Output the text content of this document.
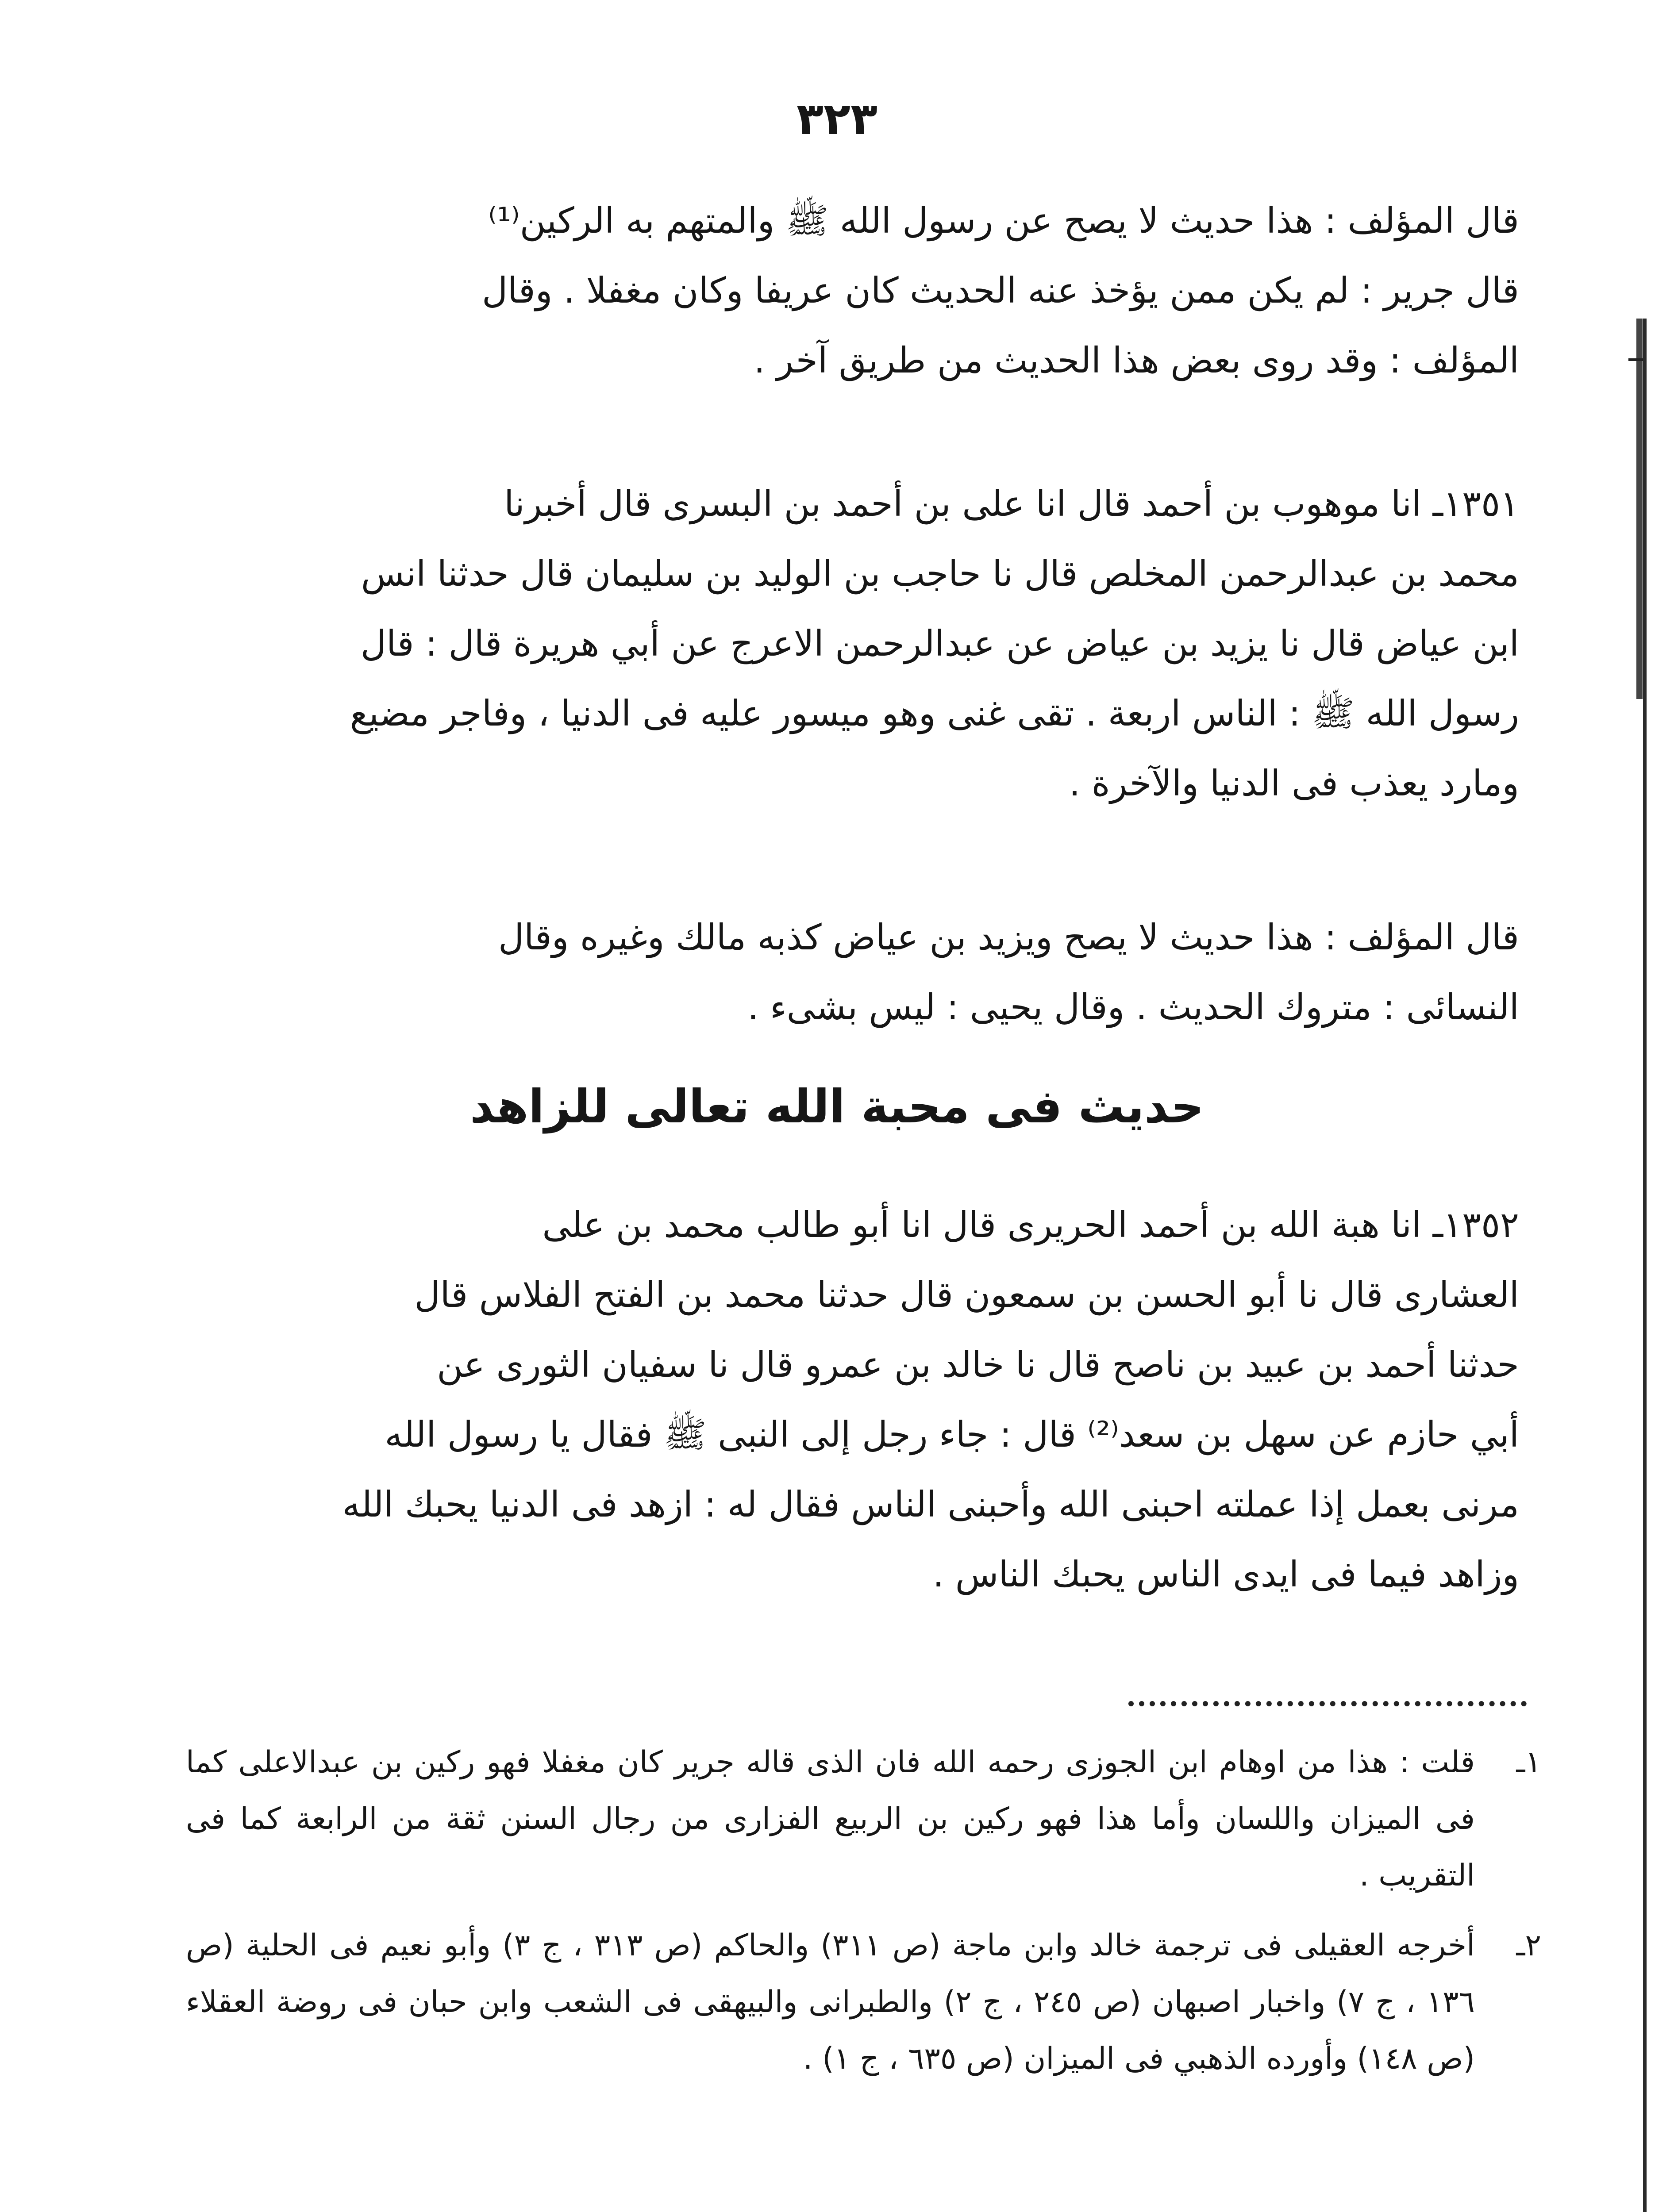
٣٢٣

قال المؤلف : هذا حديث لا يصح عن رسول الله ﷺ والمتهم به الركين⁽¹⁾

قال جرير : لم يكن ممن يؤخذ عنه الحديث كان عريفا وكان مغفلا . وقال

المؤلف : وقد روى بعض هذا الحديث من طريق آخر .

١٣٥١ـ انا موهوب بن أحمد قال انا على بن أحمد بن البسرى قال أخبرنا

محمد بن عبدالرحمن المخلص قال نا حاجب بن الوليد بن سليمان قال حدثنا انس

ابن عياض قال نا يزيد بن عياض عن عبدالرحمن الاعرج عن أبي هريرة قال : قال

رسول الله ﷺ : الناس اربعة . تقى غنى وهو ميسور عليه فى الدنيا ، وفاجر مضيع

ومارد يعذب فى الدنيا والآخرة .

قال المؤلف : هذا حديث لا يصح ويزيد بن عياض كذبه مالك وغيره وقال

النسائى : متروك الحديث . وقال يحيى : ليس بشىء .

حديث فى محبة الله تعالى للزاهد

١٣٥٢ـ انا هبة الله بن أحمد الحريرى قال انا أبو طالب محمد بن على

العشارى قال نا أبو الحسن بن سمعون قال حدثنا محمد بن الفتح الفلاس قال

حدثنا أحمد بن عبيد بن ناصح قال نا خالد بن عمرو قال نا سفيان الثورى عن

أبي حازم عن سهل بن سعد⁽²⁾ قال : جاء رجل إلى النبى ﷺ فقال يا رسول الله

مرنى بعمل إذا عملته احبنى الله وأحبنى الناس فقال له : ازهد فى الدنيا يحبك الله

وزاهد فيما فى ايدى الناس يحبك الناس .

١ـ
قلت : هذا من اوهام ابن الجوزى رحمه الله فان الذى قاله جرير كان مغفلا فهو ركين بن عبدالاعلى كما فى الميزان واللسان وأما هذا فهو ركين بن الربيع الفزارى من رجال السنن ثقة من الرابعة كما فى التقريب .
٢ـ
أخرجه العقيلى فى ترجمة خالد وابن ماجة (ص ٣١١) والحاكم (ص ٣١٣ ، ج ٣) وأبو نعيم فى الحلية (ص ١٣٦ ، ج ٧) واخبار اصبهان (ص ٢٤٥ ، ج ٢) والطبرانى والبيهقى فى الشعب وابن حبان فى روضة العقلاء (ص ١٤٨) وأورده الذهبي فى الميزان (ص ٦٣٥ ، ج ١) .
